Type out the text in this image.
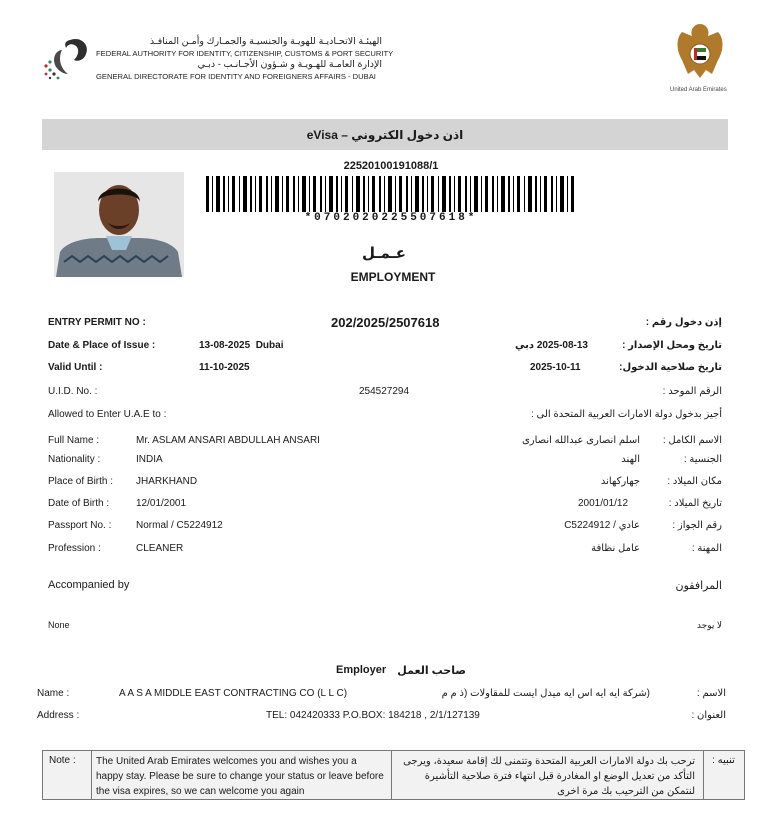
الهيئـة الاتحـاديـة للهويـة والجنسيـة والجمـارك وأمـن المنافـذ
FEDERAL AUTHORITY FOR IDENTITY, CITIZENSHIP, CUSTOMS & PORT SECURITY
الإدارة العامـة للهـويـة و شـؤون الأجـانـب - دبـي
GENERAL DIRECTORATE FOR IDENTITY AND FOREIGNERS AFFAIRS - DUBAI
United Arab Emirates
eVisa – اذن دخول الكتروني
22520100191088/1
*0702020225507618*
عـمـل
EMPLOYMENT
ENTRY PERMIT NO :	202/2025/2507618	إذن دخول رقم :
Date & Place of Issue :	13-08-2025  Dubai	2025-08-13 دبي	تاريخ ومحل الإصدار :
Valid Until :	11-10-2025	2025-10-11	تاريخ صلاحية الدخول:
U.I.D. No. :	254527294	الرقم الموحد :
Allowed to Enter U.A.E to :	أجيز بدخول دولة الامارات العربية المتحدة الى :
Full Name :	Mr. ASLAM ANSARI ABDULLAH ANSARI	اسلم انصارى عبدالله انصارى	الاسم الكامل :
Nationality :	INDIA	الهند	الجنسية :
Place of Birth : JHARKHAND	جهاركهاند	مكان الميلاد :
Date of Birth :	12/01/2001	2001/01/12	تاريخ الميلاد :
Passport No. : Normal / C5224912	عادي / C5224912	رقم الجواز :
Profession :	CLEANER	عامل نظافة	المهنة :
Accompanied by	المرافقون
None	لا يوجد
Employer صاحب العمل
Name :	A A S A MIDDLE EAST CONTRACTING CO (L L C)	(شركة ايه ايه اس ايه ميدل ايست للمقاولات (ذ م م	الاسم :
Address :	TEL: 042420333 P.O.BOX: 184218 , 2/1/127139	العنوان :
Note : The United Arab Emirates welcomes you and wishes you a happy stay. Please be sure to change your status or leave before the visa expires, so we can welcome you again
ترحب بك دولة الامارات العربية المتحدة وتتمنى لك إقامة سعيدة، ويرجى التأكد من تعديل الوضع او المغادرة قبل انتهاء فترة صلاحية التأشيرة لنتمكن من الترحيب بك مرة اخرى
تنبيه :
